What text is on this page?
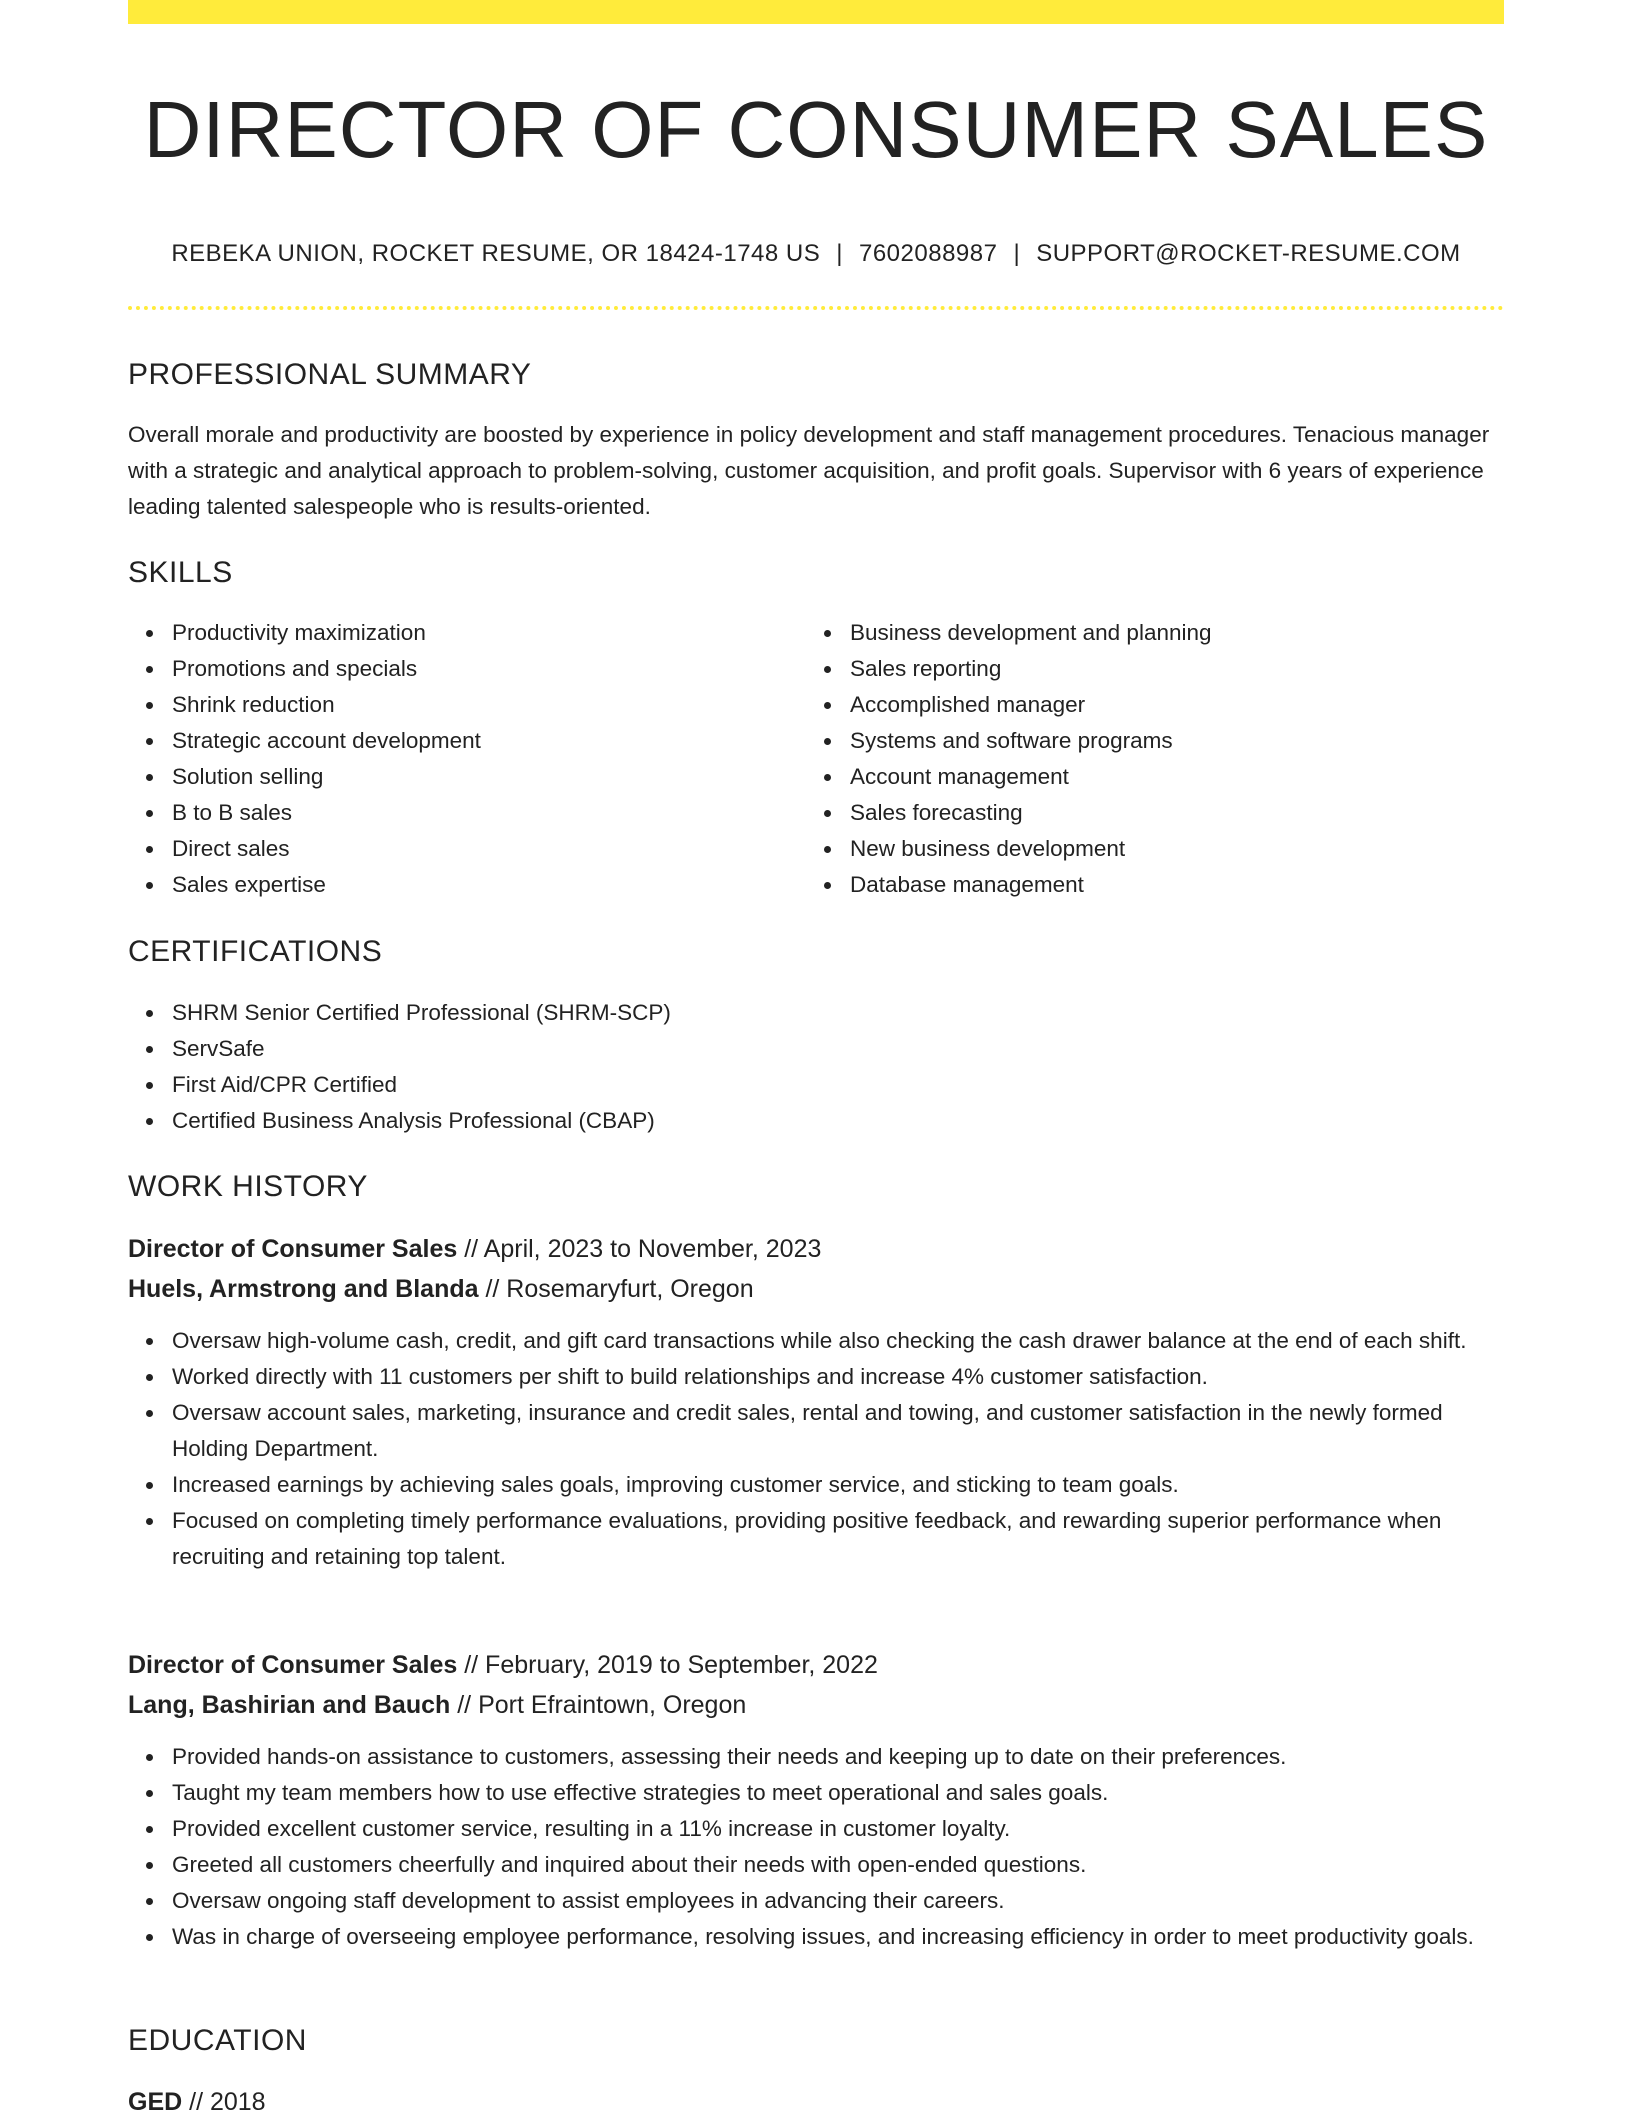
DIRECTOR OF CONSUMER SALES
REBEKA UNION, ROCKET RESUME, OR 18424-1748 US | 7602088987 | SUPPORT@ROCKET-RESUME.COM
PROFESSIONAL SUMMARY

Overall morale and productivity are boosted by experience in policy development and staff management procedures. Tenacious manager with a strategic and analytical approach to problem-solving, customer acquisition, and profit goals. Supervisor with 6 years of experience leading talented salespeople who is results-oriented.

SKILLS
Productivity maximization
Promotions and specials
Shrink reduction
Strategic account development
Solution selling
B to B sales
Direct sales
Sales expertise
Business development and planning
Sales reporting
Accomplished manager
Systems and software programs
Account management
Sales forecasting
New business development
Database management
CERTIFICATIONS
SHRM Senior Certified Professional (SHRM-SCP)
ServSafe
First Aid/CPR Certified
Certified Business Analysis Professional (CBAP)
WORK HISTORY
Director of Consumer Sales // April, 2023 to November, 2023
Huels, Armstrong and Blanda // Rosemaryfurt, Oregon
Oversaw high-volume cash, credit, and gift card transactions while also checking the cash drawer balance at the end of each shift.
Worked directly with 11 customers per shift to build relationships and increase 4% customer satisfaction.
Oversaw account sales, marketing, insurance and credit sales, rental and towing, and customer satisfaction in the newly formed Holding Department.
Increased earnings by achieving sales goals, improving customer service, and sticking to team goals.
Focused on completing timely performance evaluations, providing positive feedback, and rewarding superior performance when recruiting and retaining top talent.
Director of Consumer Sales // February, 2019 to September, 2022
Lang, Bashirian and Bauch // Port Efraintown, Oregon
Provided hands-on assistance to customers, assessing their needs and keeping up to date on their preferences.
Taught my team members how to use effective strategies to meet operational and sales goals.
Provided excellent customer service, resulting in a 11% increase in customer loyalty.
Greeted all customers cheerfully and inquired about their needs with open-ended questions.
Oversaw ongoing staff development to assist employees in advancing their careers.
Was in charge of overseeing employee performance, resolving issues, and increasing efficiency in order to meet productivity goals.
EDUCATION
GED // 2018
